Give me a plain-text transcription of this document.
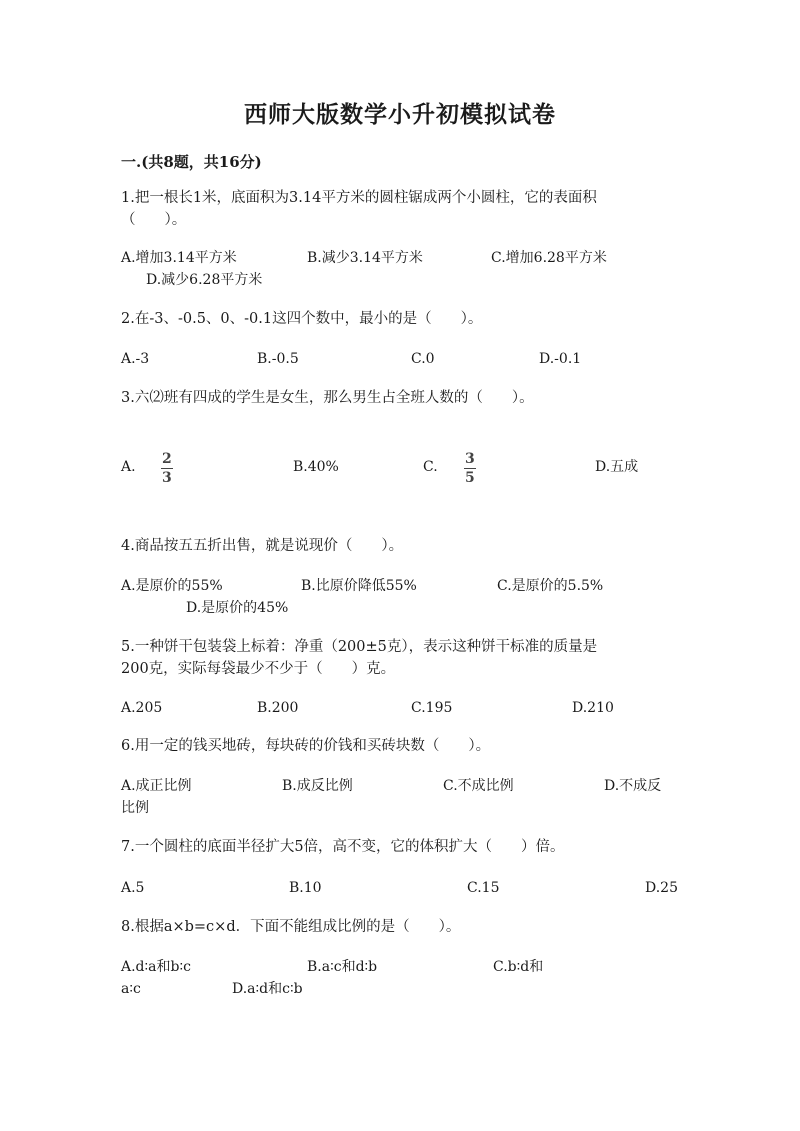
西师大版数学小升初模拟试卷
一.(共8题，共16分)
1.把一根长1米，底面积为3.14平方米的圆柱锯成两个小圆柱，它的表面积
（　　）。
A.增加3.14平方米	B.减少3.14平方米	C.增加6.28平方米
D.减少6.28平方米
2.在-3、-0.5、0、-0.1这四个数中，最小的是（　　）。
A.-3	B.-0.5	C.0	D.-0.1
3.六⑵班有四成的学生是女生，那么男生占全班人数的（　　）。
A. $\frac{2}{3}$	B.40%	C. $\frac{3}{5}$	D.五成
4.商品按五五折出售，就是说现价（　　）。
A.是原价的55%	B.比原价降低55%	C.是原价的5.5%
D.是原价的45%
5.一种饼干包装袋上标着：净重（200±5克），表示这种饼干标准的质量是
200克，实际每袋最少不少于（　　）克。
A.205	B.200	C.195	D.210
6.用一定的钱买地砖，每块砖的价钱和买砖块数（　　）。
A.成正比例	B.成反比例	C.不成比例	D.不成反
比例
7.一个圆柱的底面半径扩大5倍，高不变，它的体积扩大（　　）倍。
A.5	B.10	C.15	D.25
8.根据a×b=c×d．下面不能组成比例的是（　　）。
A.d∶a和b∶c	B.a∶c和d∶b	C.b∶d和
a∶c	D.a∶d和c∶b
